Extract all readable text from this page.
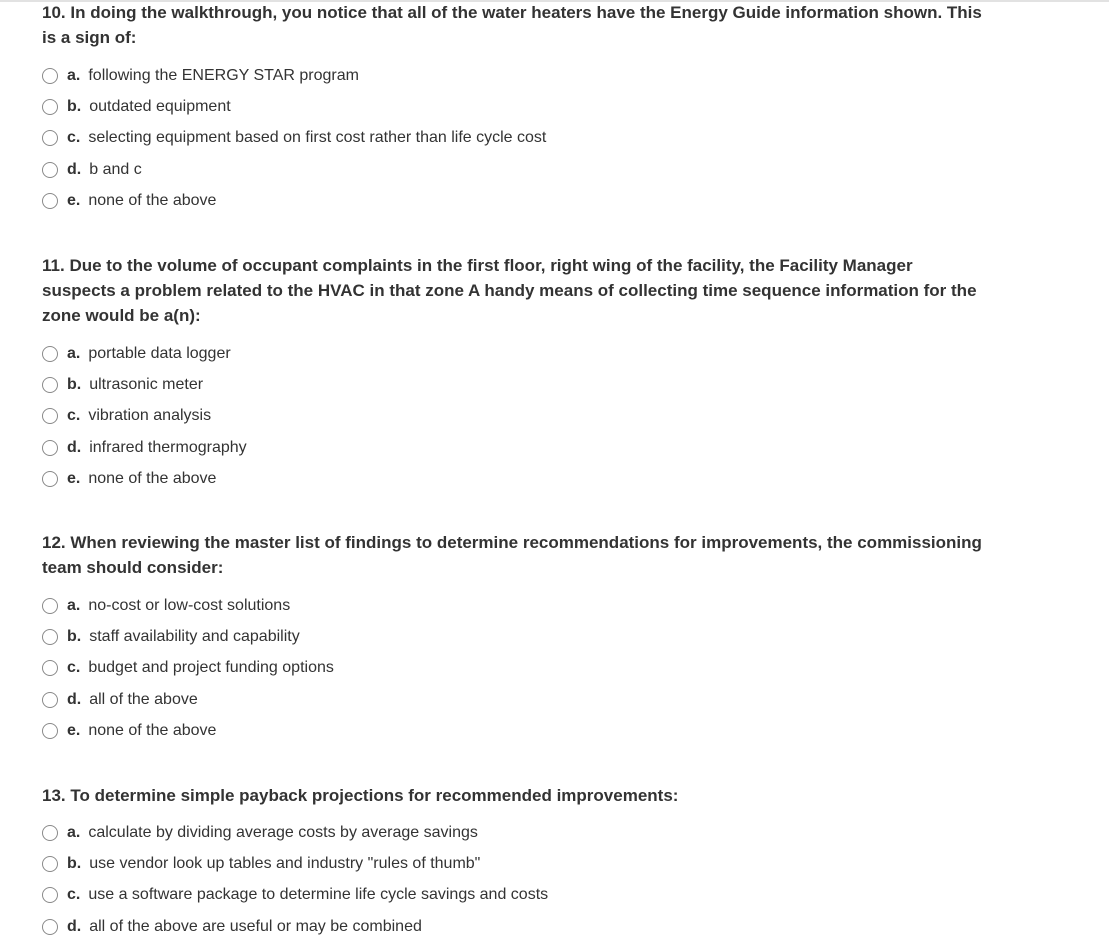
10. In doing the walkthrough, you notice that all of the water heaters have the Energy Guide information shown. This is a sign of:

a. following the ENERGY STAR program
b. outdated equipment
c. selecting equipment based on first cost rather than life cycle cost
d. b and c
e. none of the above

11. Due to the volume of occupant complaints in the first floor, right wing of the facility, the Facility Manager suspects a problem related to the HVAC in that zone A handy means of collecting time sequence information for the zone would be a(n):

a. portable data logger
b. ultrasonic meter
c. vibration analysis
d. infrared thermography
e. none of the above

12. When reviewing the master list of findings to determine recommendations for improvements, the commissioning team should consider:

a. no-cost or low-cost solutions
b. staff availability and capability
c. budget and project funding options
d. all of the above
e. none of the above

13. To determine simple payback projections for recommended improvements:

a. calculate by dividing average costs by average savings
b. use vendor look up tables and industry "rules of thumb"
c. use a software package to determine life cycle savings and costs
d. all of the above are useful or may be combined
